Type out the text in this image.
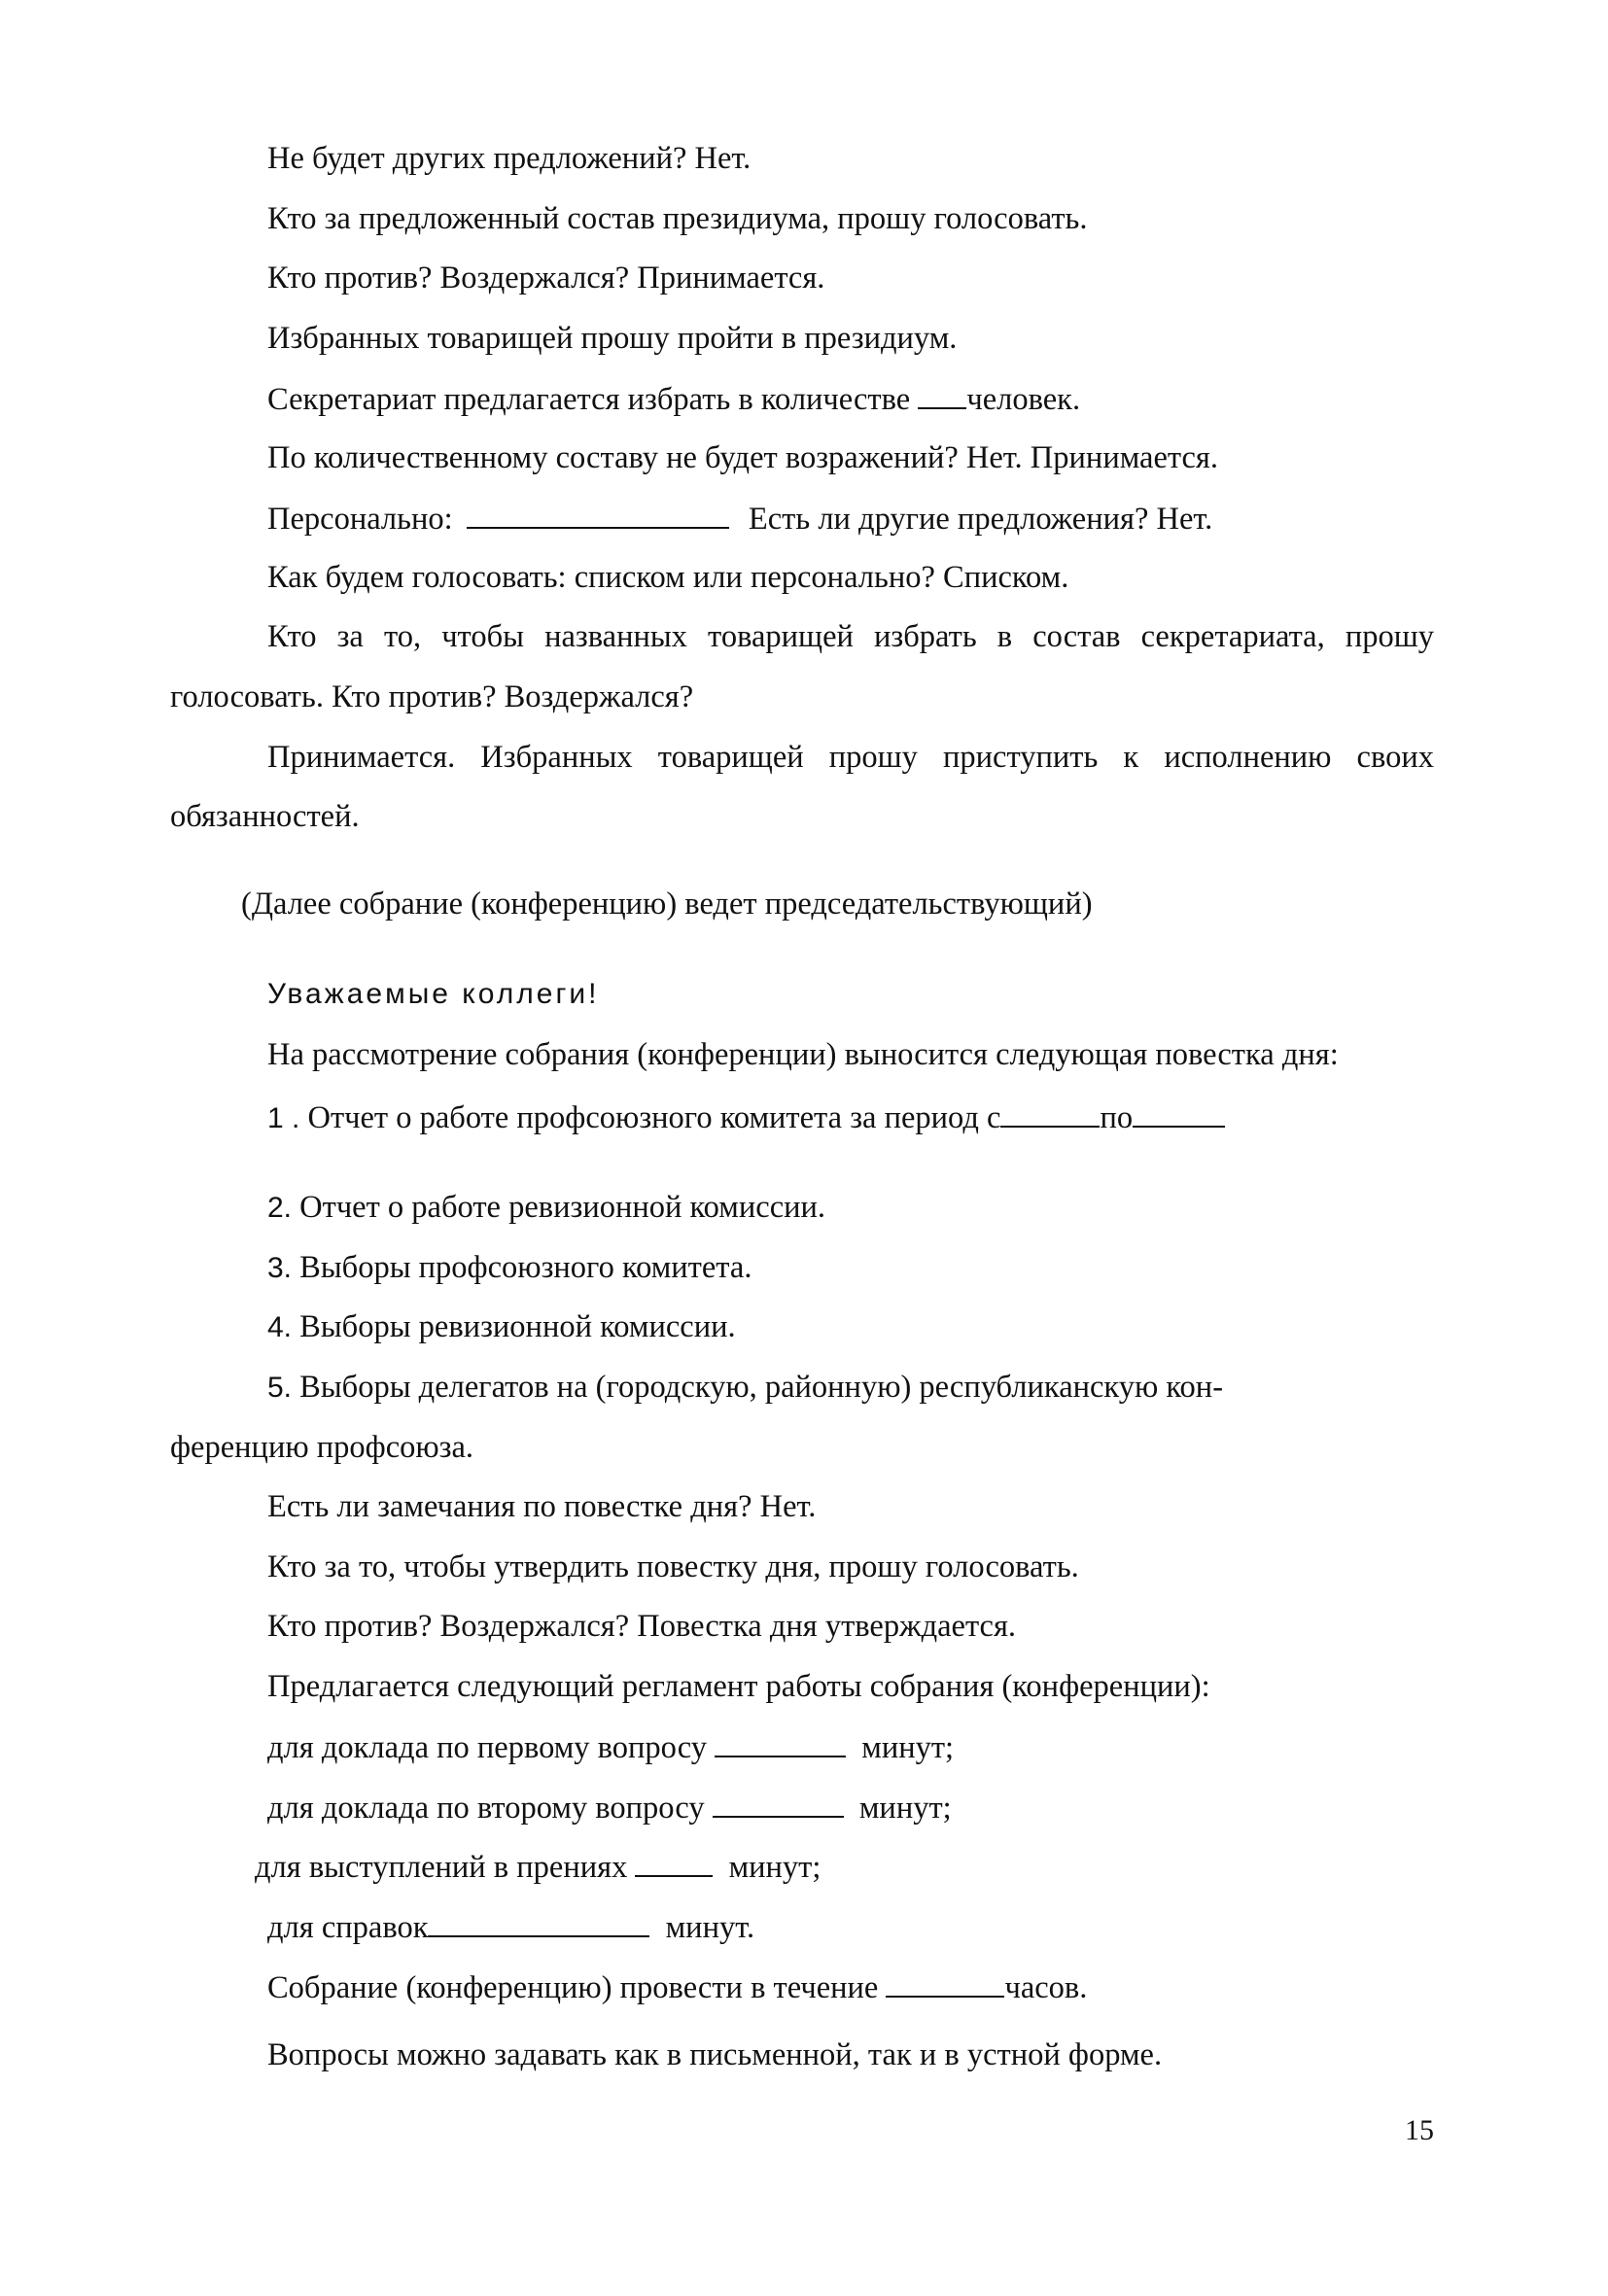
Не будет других предложений? Нет.
Кто за предложенный состав президиума, прошу голосовать.
Кто против? Воздержался? Принимается.
Избранных товарищей прошу пройти в президиум.
Секретариат предлагается избрать в количестве человек.
По количественному составу не будет возражений? Нет. Принимается.
Персонально:	Есть ли другие предложения? Нет.
Как будем голосовать: списком или персонально? Списком.
Кто за то, чтобы названных товарищей избрать в состав секретариата, прошу
голосовать. Кто против? Воздержался?
Принимается. Избранных товарищей прошу приступить к исполнению своих
обязанностей.
(Далее собрание (конференцию) ведет председательствующий)
Уважаемые коллеги!
На рассмотрение собрания (конференции) выносится следующая повестка дня:
1 . Отчет о работе профсоюзного комитета за период с	по
2. Отчет о работе ревизионной комиссии.
3. Выборы профсоюзного комитета.
4. Выборы ревизионной комиссии.
5. Выборы делегатов на (городскую, районную) республиканскую кон-
ференцию профсоюза.
Есть ли замечания по повестке дня? Нет.
Кто за то, чтобы утвердить повестку дня, прошу голосовать.
Кто против? Воздержался? Повестка дня утверждается.
Предлагается следующий регламент работы собрания (конференции):
для доклада по первому вопросу	минут;
для доклада по второму вопросу	минут;
для выступлений в прениях	минут;
для справок	минут.
Собрание (конференцию) провести в течение	часов.
Вопросы можно задавать как в письменной, так и в устной форме.
15
